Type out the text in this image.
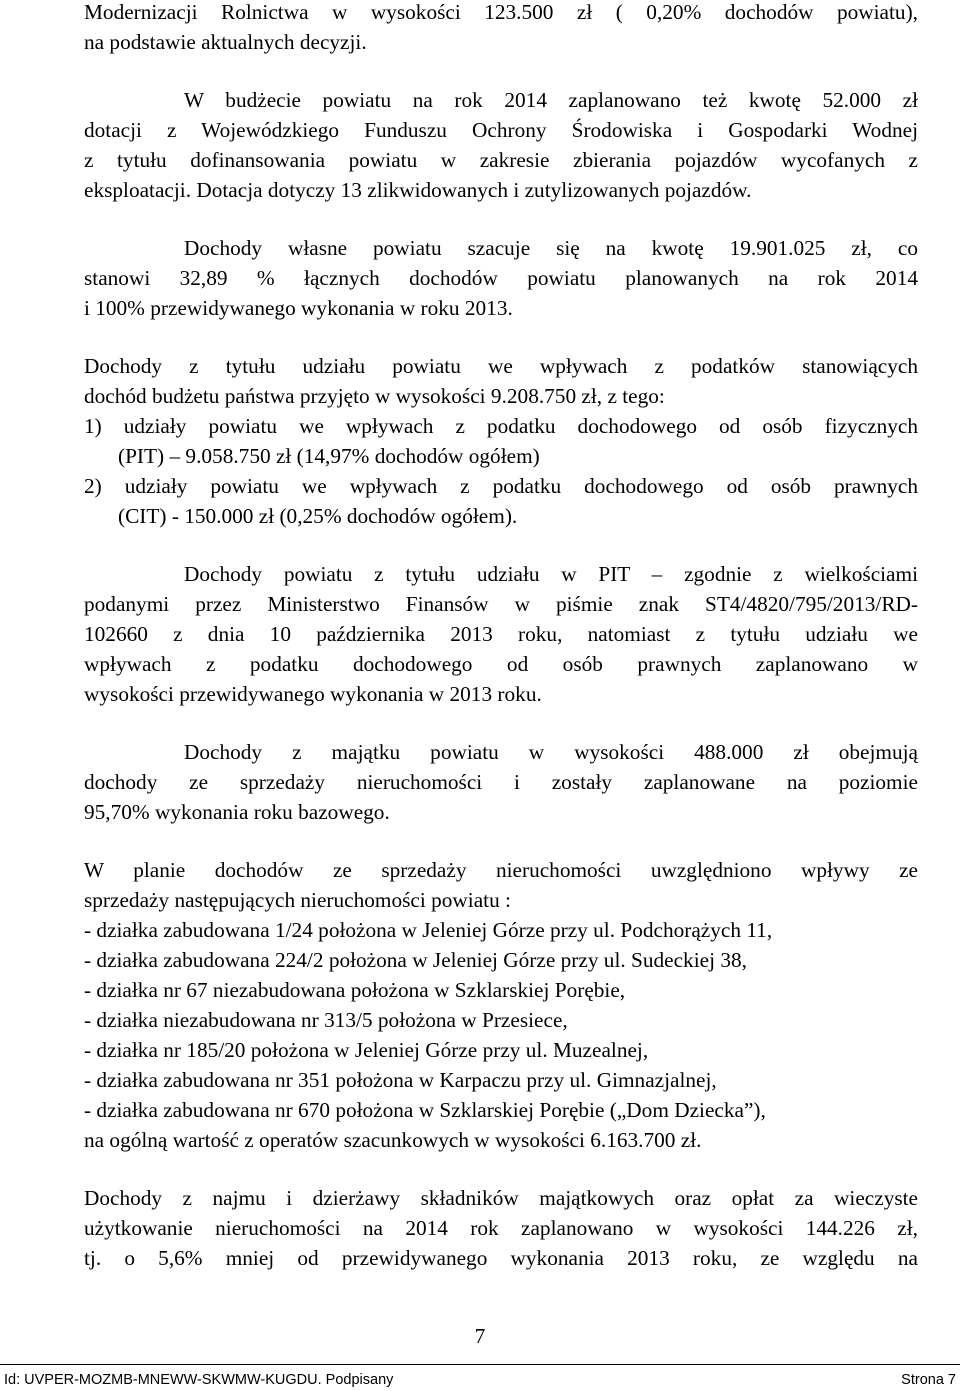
Modernizacji Rolnictwa w wysokości 123.500 zł ( 0,20% dochodów powiatu),
na podstawie aktualnych decyzji.
W budżecie powiatu na rok 2014 zaplanowano też kwotę 52.000 zł
dotacji z Wojewódzkiego Funduszu Ochrony Środowiska i Gospodarki Wodnej
z tytułu dofinansowania powiatu w zakresie zbierania pojazdów wycofanych z
eksploatacji. Dotacja dotyczy 13 zlikwidowanych i zutylizowanych pojazdów.
Dochody własne powiatu szacuje się na kwotę 19.901.025 zł, co
stanowi 32,89 % łącznych dochodów powiatu planowanych na rok 2014
i 100% przewidywanego wykonania w roku 2013.
Dochody z tytułu udziału powiatu we wpływach z podatków stanowiących
dochód budżetu państwa przyjęto w wysokości 9.208.750 zł, z tego:
1) udziały powiatu we wpływach z podatku dochodowego od osób fizycznych
(PIT) – 9.058.750 zł (14,97% dochodów ogółem)
2) udziały powiatu we wpływach z podatku dochodowego od osób prawnych
(CIT) - 150.000 zł (0,25% dochodów ogółem).
Dochody powiatu z tytułu udziału w PIT – zgodnie z wielkościami
podanymi przez Ministerstwo Finansów w piśmie znak ST4/4820/795/2013/RD-
102660 z dnia 10 października 2013 roku, natomiast z tytułu udziału we
wpływach z podatku dochodowego od osób prawnych zaplanowano w
wysokości przewidywanego wykonania w 2013 roku.
Dochody z majątku powiatu w wysokości 488.000 zł obejmują
dochody ze sprzedaży nieruchomości i zostały zaplanowane na poziomie
95,70% wykonania roku bazowego.
W planie dochodów ze sprzedaży nieruchomości uwzględniono wpływy ze
sprzedaży następujących nieruchomości powiatu :
- działka zabudowana 1/24 położona w Jeleniej Górze przy ul. Podchorążych 11,
- działka zabudowana 224/2 położona w Jeleniej Górze przy ul. Sudeckiej 38,
- działka nr 67 niezabudowana położona w Szklarskiej Porębie,
- działka niezabudowana nr 313/5 położona w Przesiece,
- działka nr 185/20 położona w Jeleniej Górze przy ul. Muzealnej,
- działka zabudowana nr 351 położona w Karpaczu przy ul. Gimnazjalnej,
- działka zabudowana nr 670 położona w Szklarskiej Porębie („Dom Dziecka”),
na ogólną wartość z operatów szacunkowych w wysokości 6.163.700 zł.
Dochody z najmu i dzierżawy składników majątkowych oraz opłat za wieczyste
użytkowanie nieruchomości na 2014 rok zaplanowano w wysokości 144.226 zł,
tj. o 5,6% mniej od przewidywanego wykonania 2013 roku, ze względu na
7
Id: UVPER-MOZMB-MNEWW-SKWMW-KUGDU. Podpisany	Strona 7
